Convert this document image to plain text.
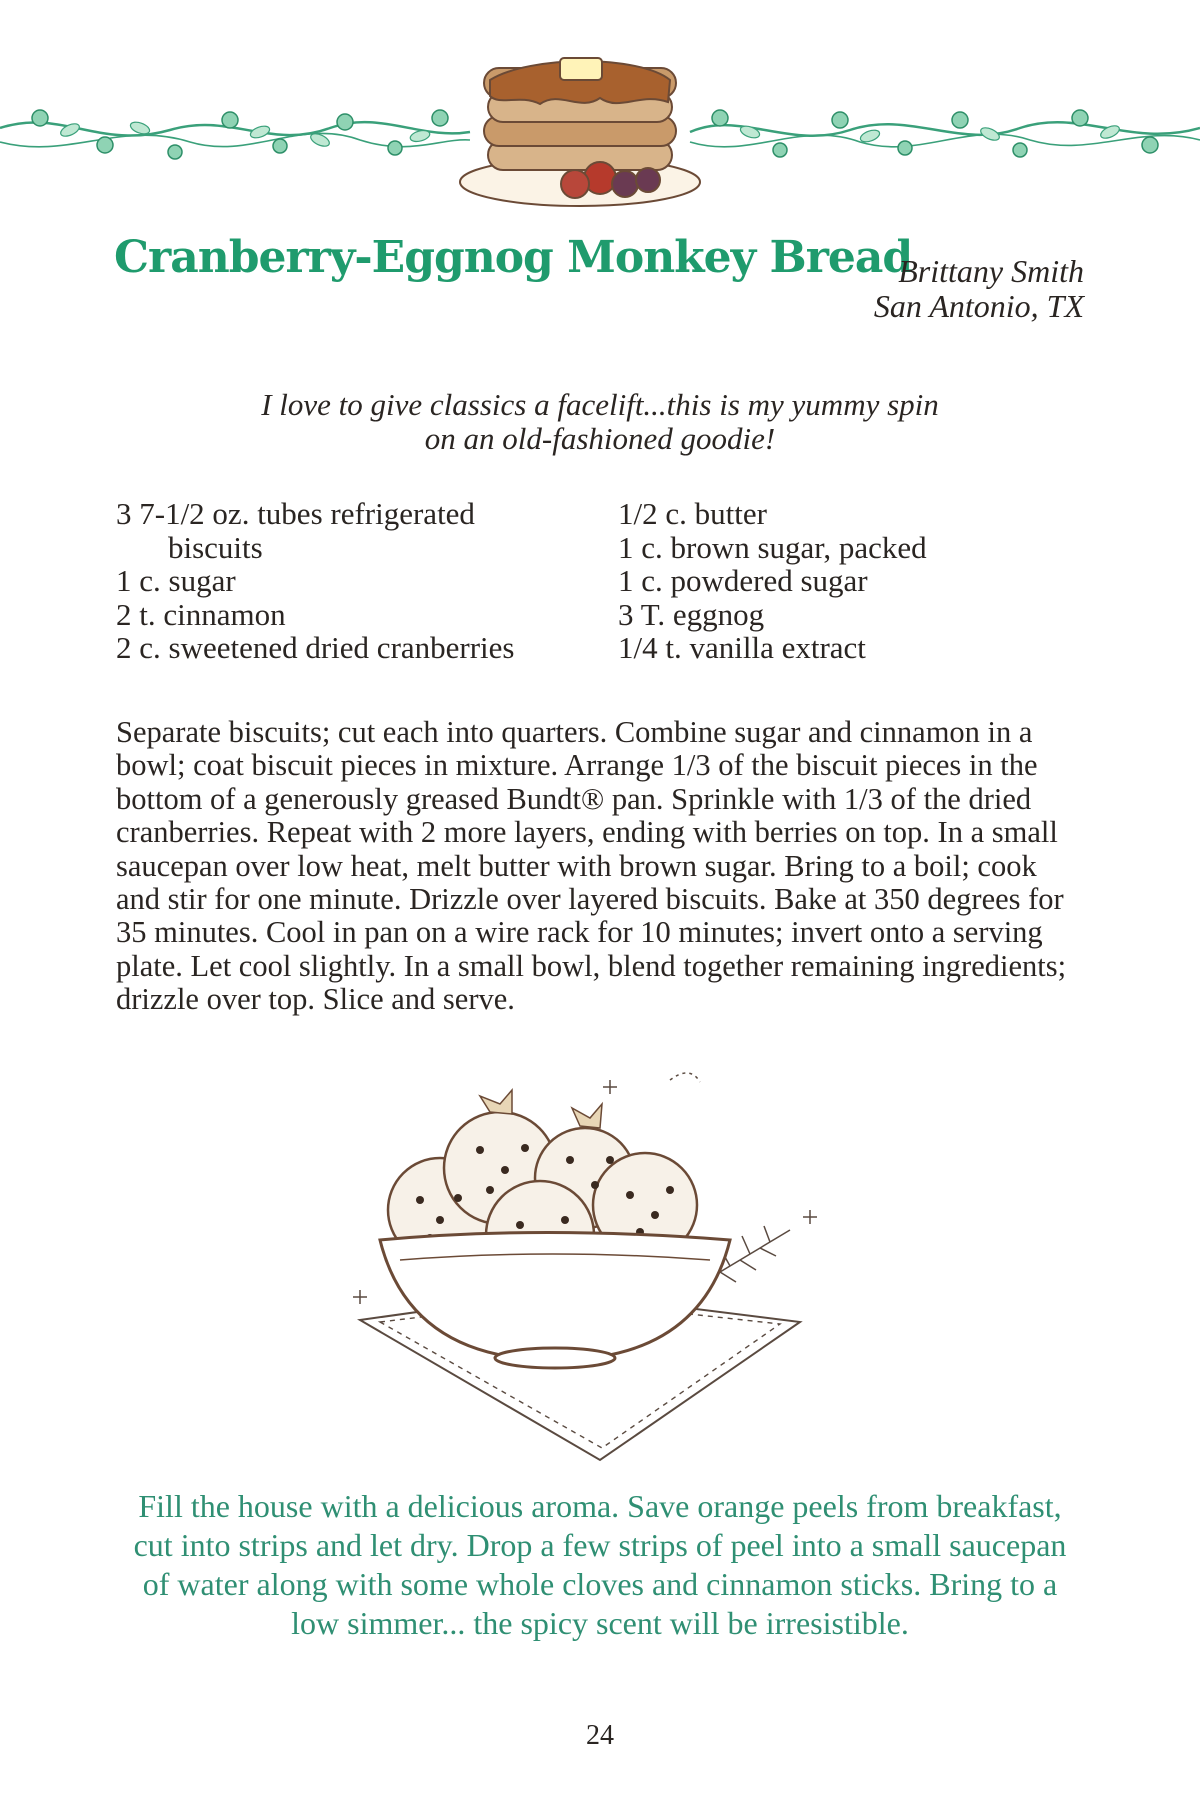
Cranberry-Eggnog Monkey Bread
Brittany Smith
San Antonio, TX
I love to give classics a facelift...this is my yummy spin
on an old-fashioned goodie!
3 7-1/2 oz. tubes refrigerated
biscuits
1 c. sugar
2 t. cinnamon
2 c. sweetened dried cranberries
1/2 c. butter
1 c. brown sugar, packed
1 c. powdered sugar
3 T. eggnog
1/4 t. vanilla extract

Separate biscuits; cut each into quarters. Combine sugar and cinnamon in a bowl; coat biscuit pieces in mixture. Arrange 1/3 of the biscuit pieces in the bottom of a generously greased Bundt® pan. Sprinkle with 1/3 of the dried cranberries. Repeat with 2 more layers, ending with berries on top. In a small saucepan over low heat, melt butter with brown sugar. Bring to a boil; cook and stir for one minute. Drizzle over layered biscuits. Bake at 350 degrees for 35 minutes. Cool in pan on a wire rack for 10 minutes; invert onto a serving plate. Let cool slightly. In a small bowl, blend together remaining ingredients; drizzle over top. Slice and serve.

Fill the house with a delicious aroma. Save orange peels from breakfast, cut into strips and let dry. Drop a few strips of peel into a small saucepan of water along with some whole cloves and cinnamon sticks. Bring to a low simmer... the spicy scent will be irresistible.

24
